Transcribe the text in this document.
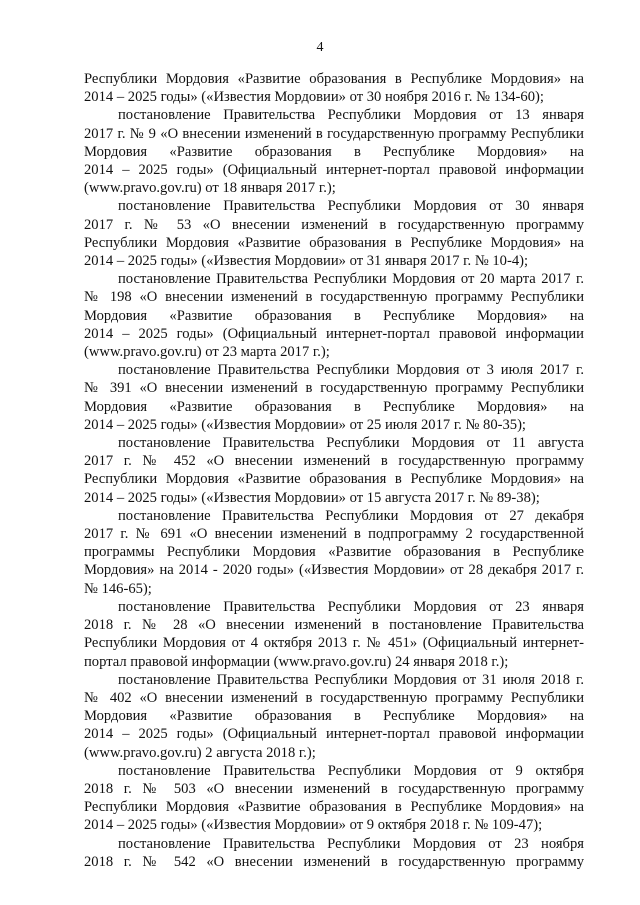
4
Республики Мордовия «Развитие образования в Республике Мордовия» на
2014 – 2025 годы» («Известия Мордовии» от 30 ноября 2016 г. № 134-60);
постановление Правительства Республики Мордовия от 13 января
2017 г. № 9 «О внесении изменений в государственную программу Республики
Мордовия «Развитие образования в Республике Мордовия» на
2014 – 2025 годы» (Официальный интернет-портал правовой информации
(www.pravo.gov.ru) от 18 января 2017 г.);
постановление Правительства Республики Мордовия от 30 января
2017 г. № 53 «О внесении изменений в государственную программу
Республики Мордовия «Развитие образования в Республике Мордовия» на
2014 – 2025 годы» («Известия Мордовии» от 31 января 2017 г. № 10-4);
постановление Правительства Республики Мордовия от 20 марта 2017 г.
№ 198 «О внесении изменений в государственную программу Республики
Мордовия «Развитие образования в Республике Мордовия» на
2014 – 2025 годы» (Официальный интернет-портал правовой информации
(www.pravo.gov.ru) от 23 марта 2017 г.);
постановление Правительства Республики Мордовия от 3 июля 2017 г.
№ 391 «О внесении изменений в государственную программу Республики
Мордовия «Развитие образования в Республике Мордовия» на
2014 – 2025 годы» («Известия Мордовии» от 25 июля 2017 г. № 80-35);
постановление Правительства Республики Мордовия от 11 августа
2017 г. № 452 «О внесении изменений в государственную программу
Республики Мордовия «Развитие образования в Республике Мордовия» на
2014 – 2025 годы» («Известия Мордовии» от 15 августа 2017 г. № 89-38);
постановление Правительства Республики Мордовия от 27 декабря
2017 г. № 691 «О внесении изменений в подпрограмму 2 государственной
программы Республики Мордовия «Развитие образования в Республике
Мордовия» на 2014 - 2020 годы» («Известия Мордовии» от 28 декабря 2017 г.
№ 146-65);
постановление Правительства Республики Мордовия от 23 января
2018 г. № 28 «О внесении изменений в постановление Правительства
Республики Мордовия от 4 октября 2013 г. № 451» (Официальный интернет-
портал правовой информации (www.pravo.gov.ru) 24 января 2018 г.);
постановление Правительства Республики Мордовия от 31 июля 2018 г.
№ 402 «О внесении изменений в государственную программу Республики
Мордовия «Развитие образования в Республике Мордовия» на
2014 – 2025 годы» (Официальный интернет-портал правовой информации
(www.pravo.gov.ru) 2 августа 2018 г.);
постановление Правительства Республики Мордовия от 9 октября
2018 г. № 503 «О внесении изменений в государственную программу
Республики Мордовия «Развитие образования в Республике Мордовия» на
2014 – 2025 годы» («Известия Мордовии» от 9 октября 2018 г. № 109-47);
постановление Правительства Республики Мордовия от 23 ноября
2018 г. № 542 «О внесении изменений в государственную программу
